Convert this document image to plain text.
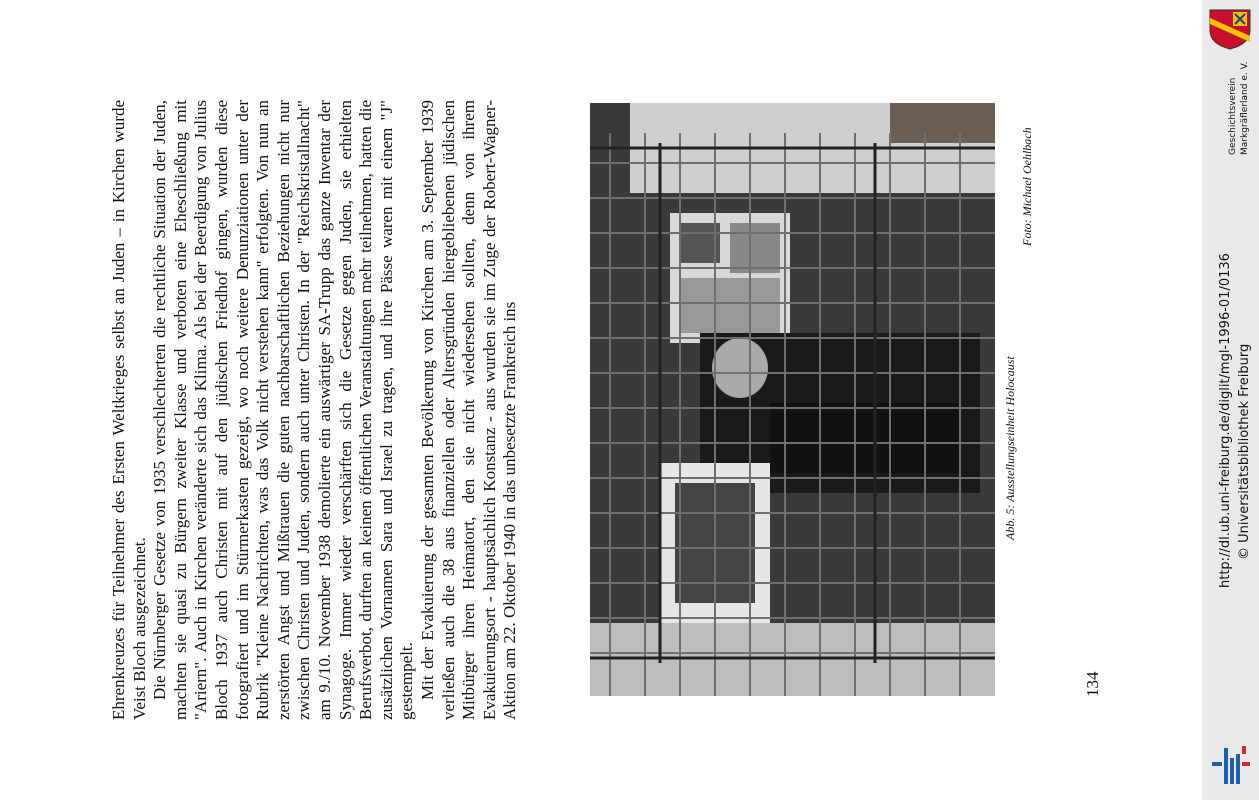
Ehrenkreuzes für Teilnehmer des Ersten Weltkrieges selbst an Juden – in Kirchen wurde Veist Bloch ausgezeichnet. Die Nürnberger Gesetze von 1935 verschlechterten die rechtliche Situation der Juden, machten sie quasi zu Bürgern zweiter Klasse und verboten eine Eheschließung mit "Ariern". Auch in Kirchen veränderte sich das Klima. Als bei der Beerdigung von Julius Bloch 1937 auch Christen mit auf den jüdischen Friedhof gingen, wurden diese fotografiert und im Stürmerkasten gezeigt, wo noch weitere Denunziationen unter der Rubrik "Kleine Nachrichten, was das Volk nicht verstehen kann" erfolgten. Von nun an zerstörten Angst und Mißtrauen die guten nachbarschaftlichen Beziehungen nicht nur zwischen Christen und Juden, sondern auch unter Christen. In der "Reichskristallnacht" am 9./10. November 1938 demolierte ein auswärtiger SA-Trupp das ganze Inventar der Synagoge. Immer wieder verschärften sich die Gesetze gegen Juden, sie erhielten Berufsverbot, durften an keinen öffentlichen Veranstaltungen mehr teilnehmen, hatten die zusätzlichen Vornamen Sara und Israel zu tragen, und ihre Pässe waren mit einem "J" gestempelt. Mit der Evakuierung der gesamten Bevölkerung von Kirchen am 3. September 1939 verließen auch die 38 aus finanziellen oder Altersgründen hiergebliebenen jüdischen Mitbürger ihren Heimatort, den sie nicht wiedersehen sollten, denn von ihrem Evakuierungsort - hauptsächlich Konstanz - aus wurden sie im Zuge der Robert-Wagner-Aktion am 22. Oktober 1940 in das unbesetzte Frankreich ins	Abb. 5: Ausstellungseinheit Holocaust
Foto: Michael Oehlbach
134
Geschichtsverein Markgräflerland e. V.
http://dl.ub.uni-freiburg.de/diglit/mgl-1996-01/0136 © Universitätsbibliothek Freiburg
